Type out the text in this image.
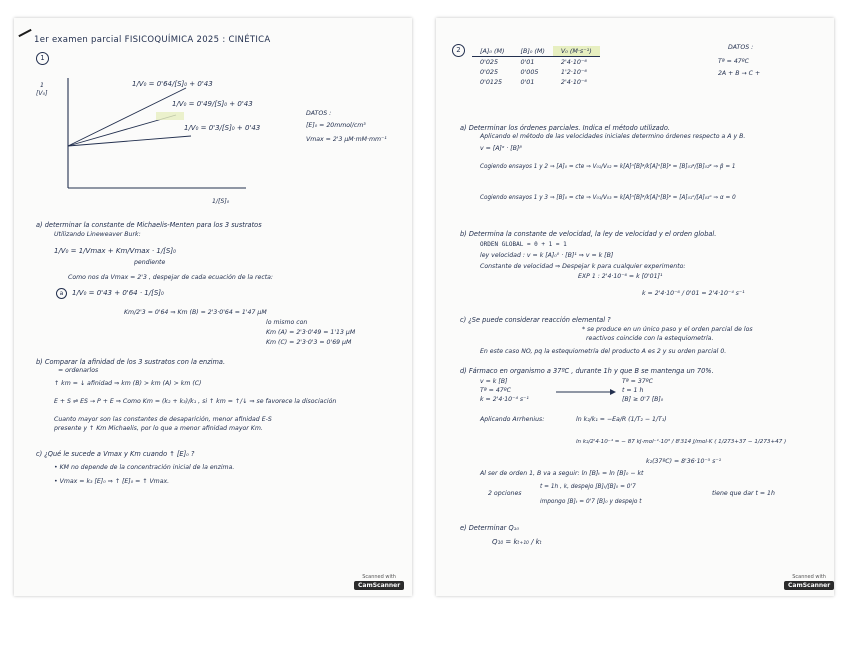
1er examen parcial FISICOQUÍMICA 2025 : CINÉTICA
1
1
[V₀]
1/[S]₀
1/V₀ = 0'64/[S]₀ + 0'43
1/V₀ = 0'49/[S]₀ + 0'43
1/V₀ = 0'3/[S]₀ + 0'43
DATOS :
[E]₀ = 20mmol/cm³
Vmax = 2'3 μM·mM·mm⁻¹
a) determinar la constante de Michaelis-Menten para los 3 sustratos
Utilizando Lineweaver Burk:
1/V₀ = 1/Vmax + Km/Vmax · 1/[S]₀
pendiente
Como nos da Vmax = 2'3 , despejar de cada ecuación de la recta:
a	1/V₀ = 0'43 + 0'64 · 1/[S]₀
Km/2'3 = 0'64 ⇒ Km (B) = 2'3·0'64 = 1'47 μM
lo mismo con
Km (A) = 2'3·0'49 = 1'13 μM
Km (C) = 2'3·0'3 = 0'69 μM
b) Comparar la afinidad de los 3 sustratos con la enzima.
= ordenarlos
↑ km = ↓ afinidad ⇒ km (B) > km (A) > km (C)
E + S ⇌ ES → P + E ⇒ Como Km = (k₂ + k₃)/k₁ , si ↑ km = ↑/↓ ⇒ se favorece la disociación
Cuanto mayor son las constantes de desaparición, menor afinidad E-S
presente y ↑ Km Michaelis, por lo que a menor afinidad mayor Km.
c) ¿Qué le sucede a Vmax y Km cuando ↑ [E]₀ ?
• KM no depende de la concentración inicial de la enzima.
• Vmax = k₃ [E]₀ ⇒ ↑ [E]₀ = ↑ Vmax.
Scanned with
CamScanner
2	[A]₀ (M)	[B]₀ (M)	V₀ (M·s⁻¹)
0'025	0'01	2'4·10⁻⁶
0'025	0'005	1'2·10⁻⁶
0'0125	0'01	2'4·10⁻⁶
DATOS :
Tª = 47ºC
2A + B → C +
a) Determinar los órdenes parciales. Indica el método utilizado.
Aplicando el método de las velocidades iniciales determino órdenes respecto a A y B.
v = [A]ᵅ · [B]ᵝ
Cogiendo ensayos 1 y 2 ⇒ [A]₀ = cte ⇒ V₀₁/V₀₂ = k[A]ᵅ[B]ᵝ/k[A]ᵅ[B]ᵝ = [B]₀₁ᵝ/[B]₀₂ᵝ ⇒ β = 1
Cogiendo ensayos 1 y 3 ⇒ [B]₀ = cte ⇒ V₀₁/V₀₃ = k[A]ᵅ[B]ᵝ/k[A]ᵅ[B]ᵝ = [A]₀₁ᵅ/[A]₀₃ᵅ ⇒ α = 0
b) Determina la constante de velocidad, la ley de velocidad y el orden global.
ORDEN GLOBAL = 0 + 1 = 1
ley velocidad : v = k [A]₀⁰ · [B]¹ ⇒ v = k [B]
Constante de velocidad ⇒ Despejar k para cualquier experimento:
EXP 1 : 2'4·10⁻⁶ = k [0'01]¹
k = 2'4·10⁻⁶ / 0'01 = 2'4·10⁻⁴ s⁻¹
c) ¿Se puede considerar reacción elemental ?
* se produce en un único paso y el orden parcial de los
reactivos coincide con la estequiometría.
En este caso NO, pq la estequiometría del producto A es 2 y su orden parcial 0.
d) Fármaco en organismo a 37ºC , durante 1h y que B se mantenga un 70%.
v = k [B]
Tª = 47ºC
k = 2'4·10⁻⁴ s⁻¹
Tª = 37ºC
t = 1 h
[B] ≥ 0'7 [B]₀
Aplicando Arrhenius:	ln k₂/k₁ = −Ea/R (1/T₂ − 1/T₁)
ln k₂/2'4·10⁻⁴ = − 87 kJ·mol⁻¹·10³ / 8'314 J/mol·K ( 1/273+37 − 1/273+47 )
k₂(37ºC) = 8'36·10⁻⁵ s⁻¹
Al ser de orden 1, B va a seguir: ln [B]ₜ = ln [B]₀ − kt
2 opciones
t = 1h , k, despejo [B]ₜ/[B]₀ = 0'7
impongo [B]ₜ = 0'7 [B]₀ y despejo t
tiene que dar t = 1h
e) Determinar Q₁₀
Q₁₀ = kₜ₊₁₀ / kₜ
Scanned with
CamScanner
